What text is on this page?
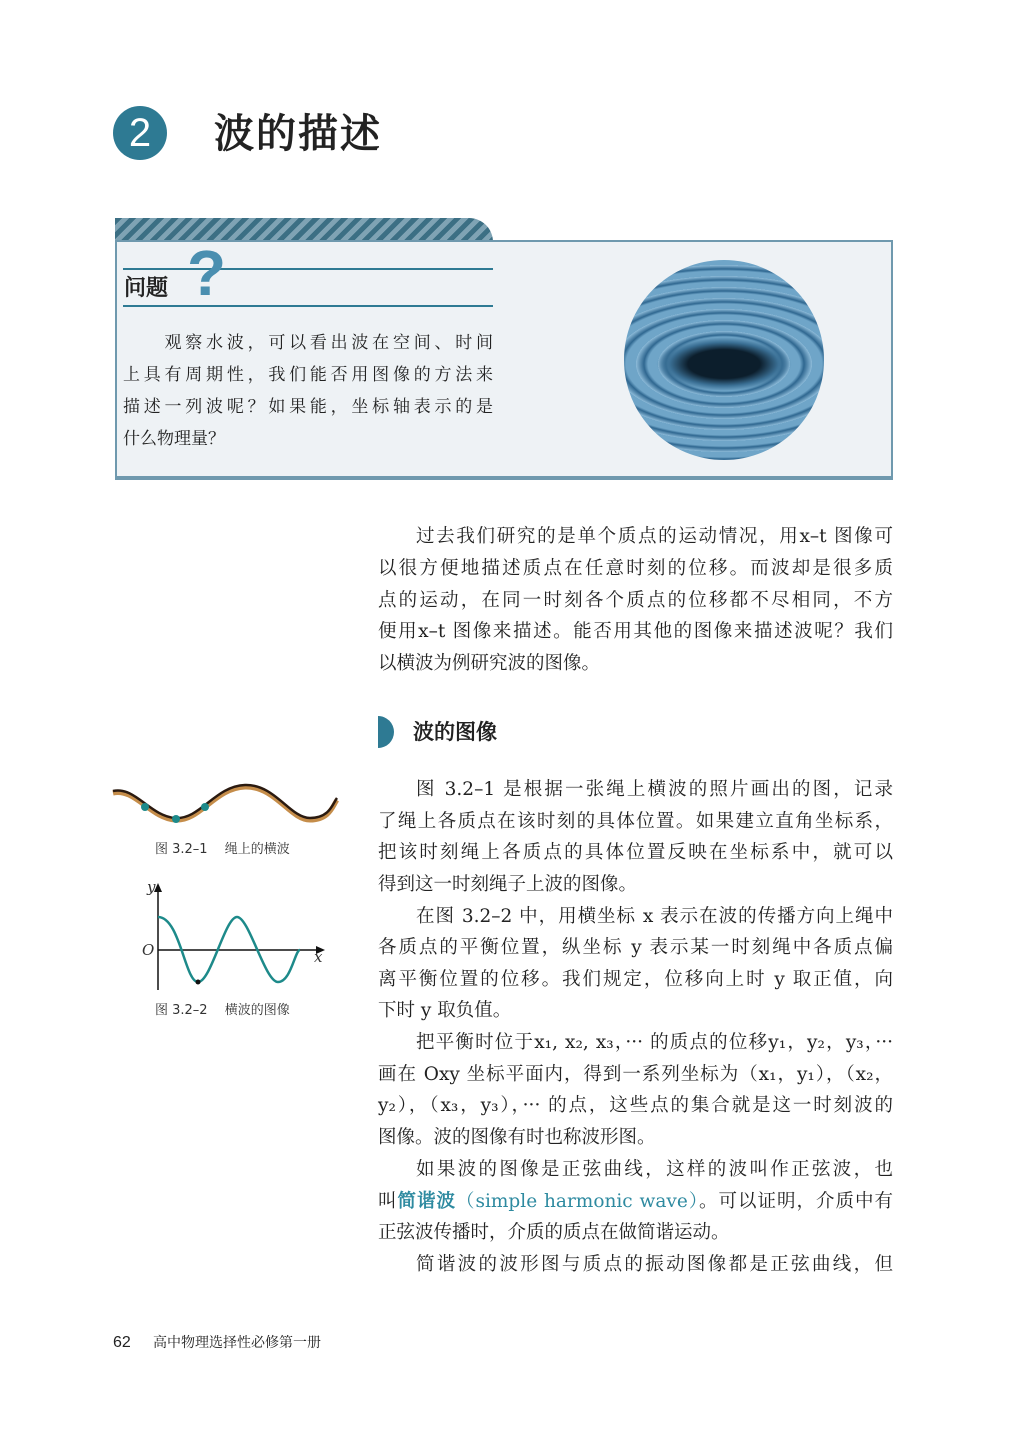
2	波的描述
问题 ?
　　观察水波，可以看出波在空间、时间
上具有周期性，我们能否用图像的方法来
描述一列波呢？如果能，坐标轴表示的是
什么物理量？
过去我们研究的是单个质点的运动情况，用x–t 图像可
以很方便地描述质点在任意时刻的位移。而波却是很多质
点的运动，在同一时刻各个质点的位移都不尽相同，不方
便用x–t 图像来描述。能否用其他的图像来描述波呢？我们
以横波为例研究波的图像。
波的图像
图 3.2–1 是根据一张绳上横波的照片画出的图，记录
了绳上各质点在该时刻的具体位置。如果建立直角坐标系，
把该时刻绳上各质点的具体位置反映在坐标系中，就可以
得到这一时刻绳子上波的图像。
在图 3.2–2 中，用横坐标 x 表示在波的传播方向上绳中
各质点的平衡位置，纵坐标 y 表示某一时刻绳中各质点偏
离平衡位置的位移。我们规定，位移向上时 y 取正值，向
下时 y 取负值。
把平衡时位于x₁, x₂, x₃，··· 的质点的位移y₁，y₂，y₃，···
画在 Oxy 坐标平面内，得到一系列坐标为（x₁，y₁），（x₂，
y₂），（x₃，y₃），··· 的点，这些点的集合就是这一时刻波的
图像。波的图像有时也称波形图。
如果波的图像是正弦曲线，这样的波叫作正弦波，也
叫简谐波（simple harmonic wave）。可以证明，介质中有
正弦波传播时，介质的质点在做简谐运动。
简谐波的波形图与质点的振动图像都是正弦曲线，但
图 3.2–1　 绳上的横波
y
x
O
图 3.2–2　 横波的图像
62 高中物理选择性必修第一册
